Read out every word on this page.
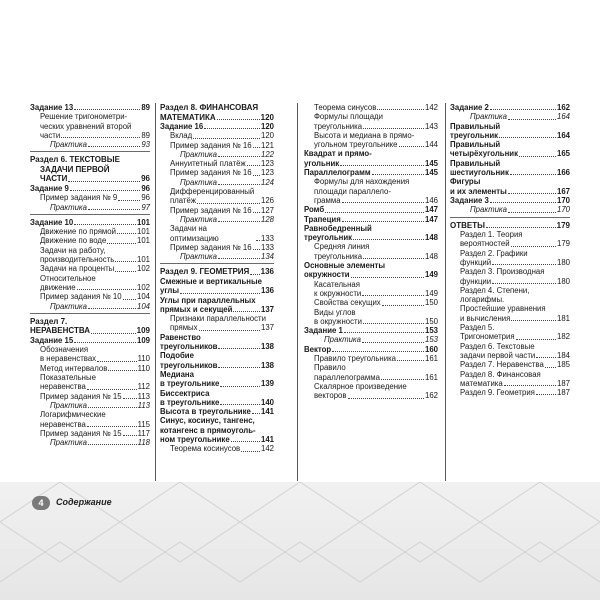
Задание 13	89
Решение тригонометри-
ческих уравнений второй
части	89
Практика	93
Раздел 6. ТЕКСТОВЫЕ
ЗАДАЧИ ПЕРВОЙ
ЧАСТИ	96
Задание 9	96
Пример задания № 9	96
Практика	97
Задание 10	101
Движение по прямой	101
Движение по воде	101
Задачи на работу,
производительность	101
Задачи на проценты	102
Относительное
движение	102
Пример задания № 10 104
Практика	104
Раздел 7.
НЕРАВЕНСТВА	109
Задание 15	109
Обозначения
в неравенствах	110
Метод интервалов	110
Показательные
неравенства	112
Пример задания № 15 113
Практика	113
Логарифмические
неравенства	115
Пример задания № 15 117
Практика	118
Раздел 8. ФИНАНСОВАЯ
МАТЕМАТИКА	120
Задание 16	120
Вклад	120
Пример задания № 16 121
Практика	122
Аннуитетный платёж 123
Пример задания № 16 123
Практика	124
Дифференцированный
платёж	126
Пример задания № 16 127
Практика	128
Задачи на оптимизацию	133
Пример задания № 16 133
Практика	134
Раздел 9. ГЕОМЕТРИЯ 136
Смежные и вертикальные
углы	136
Углы при параллельных
прямых и секущей	137
Признаки параллельности
прямых	137
Равенство
треугольников	138
Подобие
треугольников	138
Медиана
в треугольнике	139
Биссектриса
в треугольнике	140
Высота в треугольнике 141
Синус, косинус, тангенс,
котангенс в прямоуголь-
ном треугольнике	141
Теорема косинусов	142
Теорема синусов	142
Формулы площади
треугольника	143
Высота и медиана в прямо-
угольном треугольнике	144
Квадрат и прямо-
угольник	145
Параллелограмм	145
Формулы для нахождения
площади параллело-
грамма	146
Ромб	147
Трапеция	147
Равнобедренный
треугольник	148
Средняя линия
треугольника	148
Основные элементы
окружности	149
Касательная
к окружности	149
Свойства секущих	150
Виды углов
в окружности	150
Задание 1	153
Практика	153
Вектор	160
Правило треугольника	161
Правило
параллелограмма	161
Скалярное произведение
векторов	162
Задание 2	162
Практика	164
Правильный
треугольник	164
Правильный
четырёхугольник	165
Правильный
шестиугольник	166
Фигуры
и их элементы	167
Задание 3	170
Практика	170
ОТВЕТЫ	179
Раздел 1. Теория
вероятностей	179
Раздел 2. Графики
функций	180
Раздел 3. Производная
функции	180
Раздел 4. Степени,
логарифмы.
Простейшие уравнения
и вычисления	181
Раздел 5.
Тригонометрия	182
Раздел 6. Текстовые
задачи первой части	184
Раздел 7. Неравенства 185
Раздел 8. Финансовая
математика	187
Раздел 9. Геометрия	187
4	Содержание
